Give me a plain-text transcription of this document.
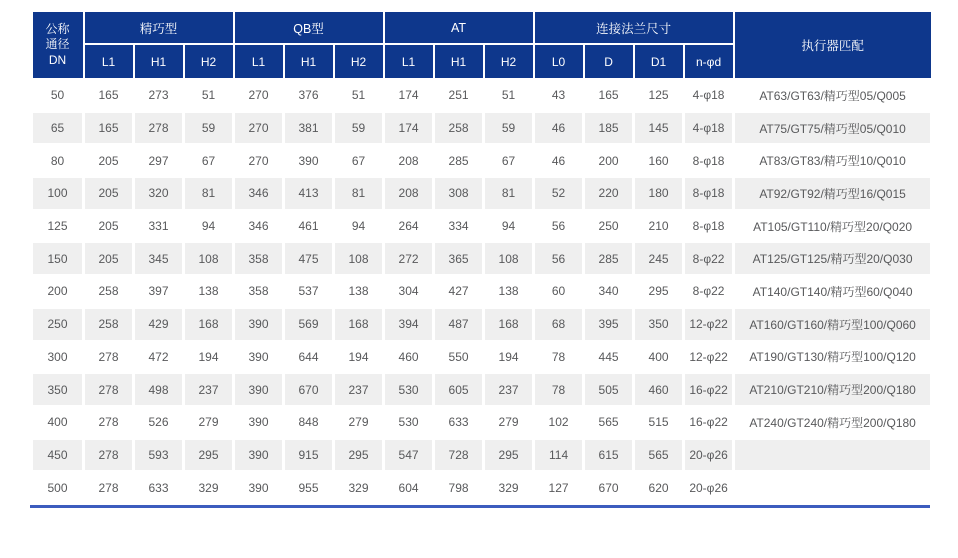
公称
通径
DN	精巧型			QB型			AT			连接法兰尺寸				执行器匹配
	L1	H1	H2	L1	H1	H2	L1	H1	H2	L0	D	D1	n-φd	
50	165	273	51	270	376	51	174	251	51	43	165	125	4-φ18	AT63/GT63/精巧型05/Q005
65	165	278	59	270	381	59	174	258	59	46	185	145	4-φ18	AT75/GT75/精巧型05/Q010
80	205	297	67	270	390	67	208	285	67	46	200	160	8-φ18	AT83/GT83/精巧型10/Q010
100	205	320	81	346	413	81	208	308	81	52	220	180	8-φ18	AT92/GT92/精巧型16/Q015
125	205	331	94	346	461	94	264	334	94	56	250	210	8-φ18	AT105/GT110/精巧型20/Q020
150	205	345	108	358	475	108	272	365	108	56	285	245	8-φ22	AT125/GT125/精巧型20/Q030
200	258	397	138	358	537	138	304	427	138	60	340	295	8-φ22	AT140/GT140/精巧型60/Q040
250	258	429	168	390	569	168	394	487	168	68	395	350	12-φ22	AT160/GT160/精巧型100/Q060
300	278	472	194	390	644	194	460	550	194	78	445	400	12-φ22	AT190/GT130/精巧型100/Q120
350	278	498	237	390	670	237	530	605	237	78	505	460	16-φ22	AT210/GT210/精巧型200/Q180
400	278	526	279	390	848	279	530	633	279	102	565	515	16-φ22	AT240/GT240/精巧型200/Q180
450	278	593	295	390	915	295	547	728	295	114	615	565	20-φ26	
500	278	633	329	390	955	329	604	798	329	127	670	620	20-φ26	
